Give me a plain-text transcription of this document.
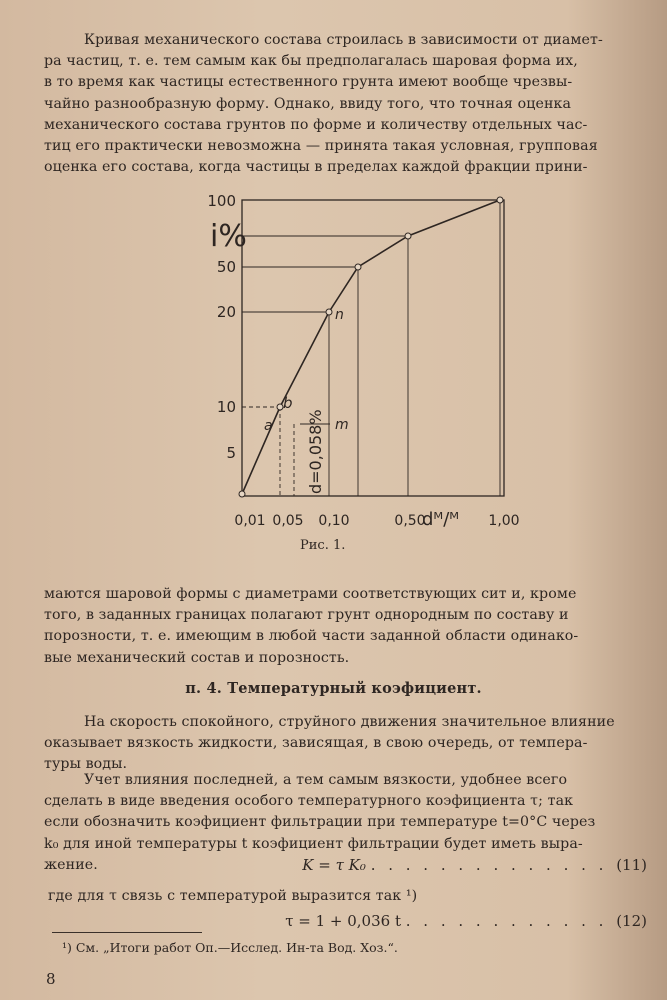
Кривая механического состава строилась в зависимости от диамет-
ра частиц, т. е. тем самым как бы предполагалась шаровая форма их,
в то время как частицы естественного грунта имеют вообще чрезвы-
чайно разнообразную форму. Однако, ввиду того, что точная оценка
механического состава грунтов по форме и количеству отдельных час-
тиц его практически невозможна — принята такая условная, групповая
оценка его состава, когда частицы в пределах каждой фракции прини-
100
50
20
10
5
0,01 0,05 0,10	0,50	1,00
i%
dᴹ/ᴹ
b
a
n
m
d=0,058%
Рис. 1.
маются шаровой формы с диаметрами соответствующих сит и, кроме
того, в заданных границах полагают грунт однородным по составу и
порозности, т. е. имеющим в любой части заданной области одинако-
вые механический состав и порозность.
п. 4. Температурный коэфициент.
На скорость спокойного, струйного движения значительное влияние
оказывает вязкость жидкости, зависящая, в свою очередь, от темпера-
туры воды.
Учет влияния последней, а тем самым вязкости, удобнее всего
сделать в виде введения особого температурного коэфициента τ; так
если обозначить коэфициент фильтрации при температуре t=0°C через
k₀ для иной температуры t коэфициент фильтрации будет иметь выра-
жение.	K = τ K₀ . . . . . . . . . . . . . . (11)
где для τ связь с температурой выразится так ¹)
τ = 1 + 0,036 t . . . . . . . . . . . . (12)
¹) См. „Итоги работ Оп.—Исслед. Ин-та Вод. Хоз.“.
8
